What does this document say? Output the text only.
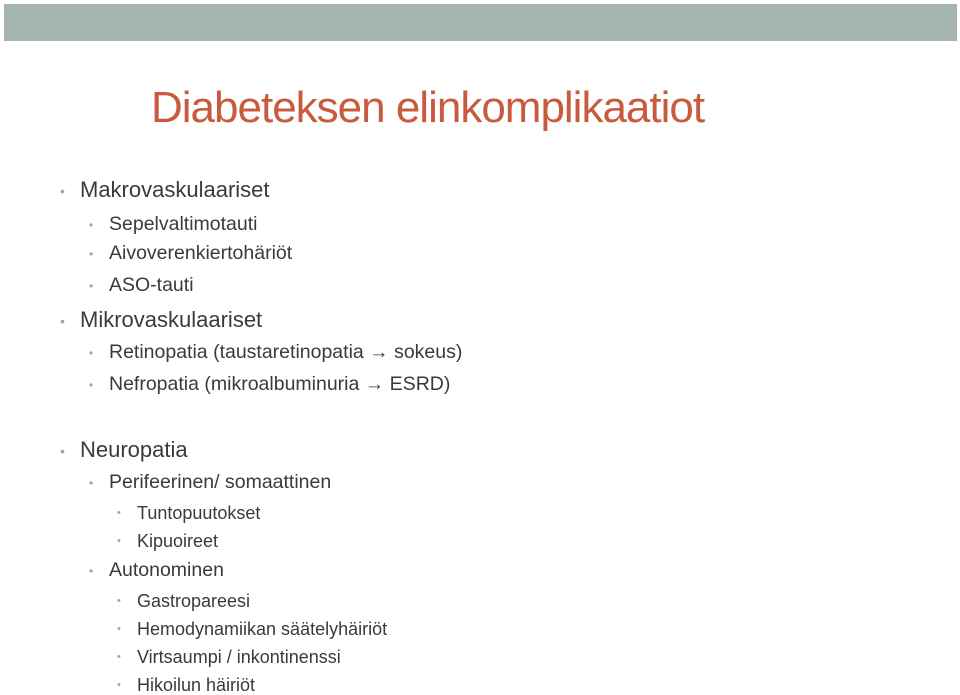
Diabeteksen elinkomplikaatiot
• Makrovaskulaariset
• Sepelvaltimotauti
• Aivoverenkiertohäriöt
• ASO-tauti
• Mikrovaskulaariset
• Retinopatia (taustaretinopatia → sokeus)
• Nefropatia (mikroalbuminuria → ESRD)
• Neuropatia
• Perifeerinen/ somaattinen
• Tuntopuutokset
• Kipuoireet
• Autonominen
• Gastropareesi
• Hemodynamiikan säätelyhäiriöt
• Virtsaumpi / inkontinenssi
• Hikoilun häiriöt
